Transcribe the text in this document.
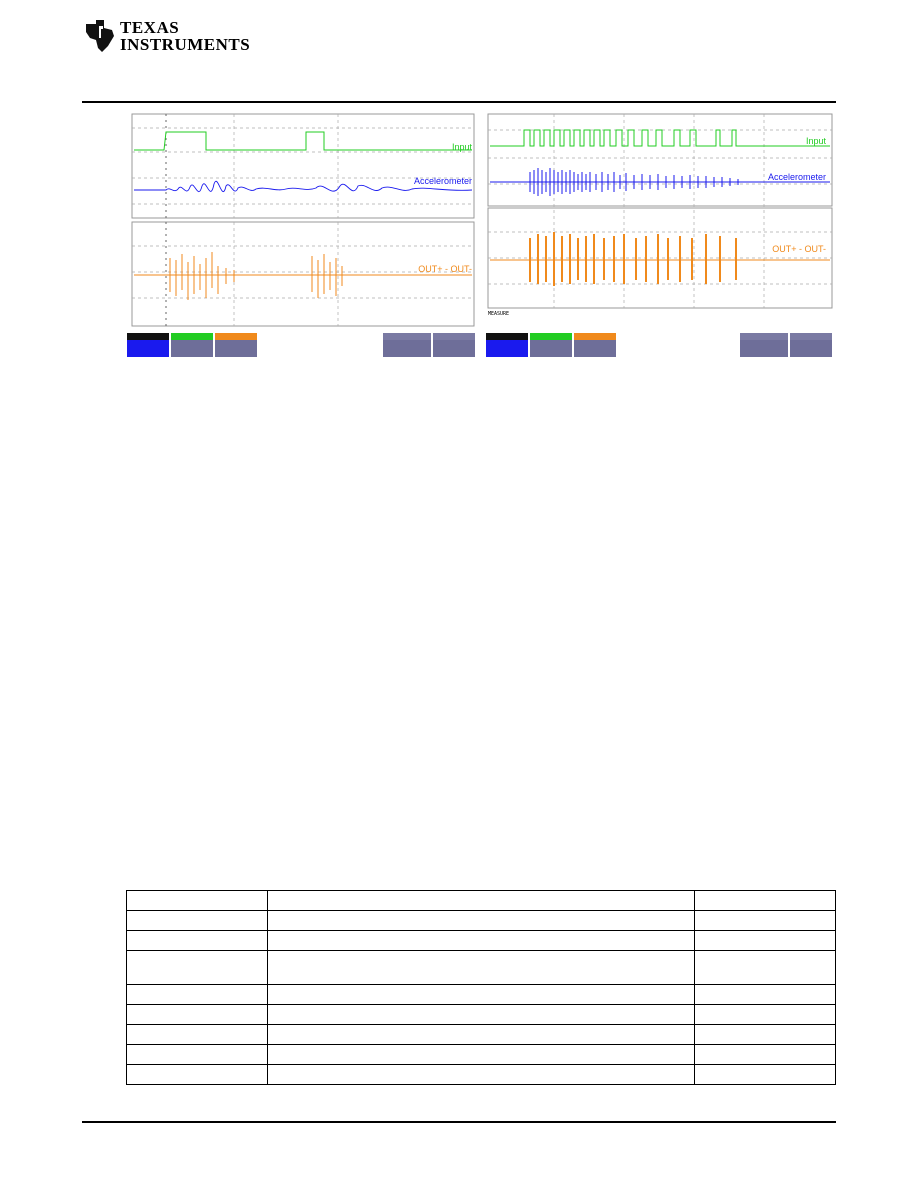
TEXAS
INSTRUMENTS
Input
Accelerometer
OUT+ - OUT-
Input
Accelerometer
OUT+ - OUT-
MEASURE
